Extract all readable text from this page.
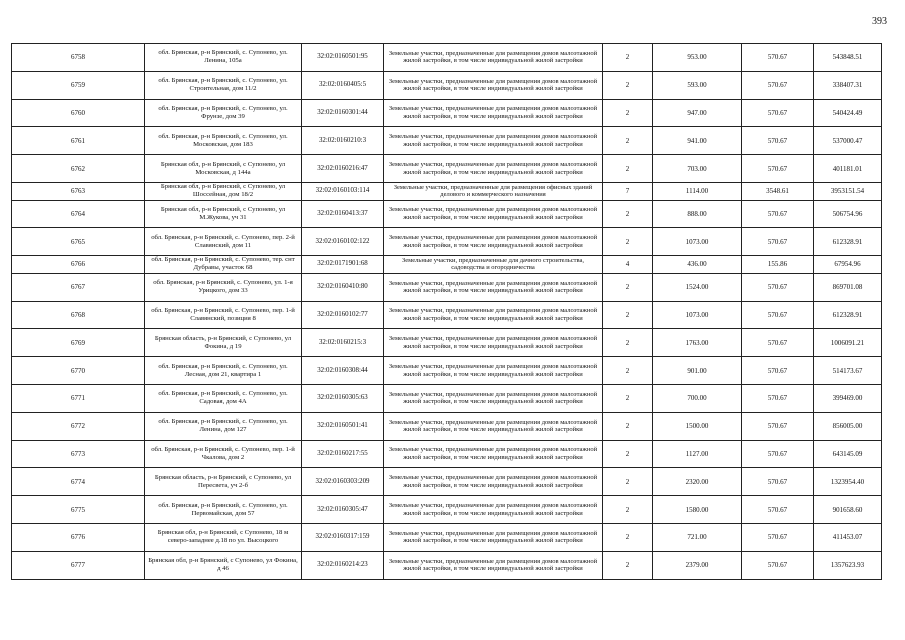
393
6758	обл. Брянская, р-н Брянский, с. Супонево, ул. Ленина, 105а	32:02:0160501:95	Земельные участки, предназначенные для размещения домов малоэтажной жилой застройки, в том числе индивидуальной жилой застройки	2	953.00	570.67	543848.51
6759	обл. Брянская, р-н Брянский, с. Супонево, ул. Строительная, дом 11/2	32:02:0160405:5	Земельные участки, предназначенные для размещения домов малоэтажной жилой застройки, в том числе индивидуальной жилой застройки	2	593.00	570.67	338407.31
6760	обл. Брянская, р-н Брянский, с. Супонево, ул. Фрунзе, дом 39	32:02:0160301:44	Земельные участки, предназначенные для размещения домов малоэтажной жилой застройки, в том числе индивидуальной жилой застройки	2	947.00	570.67	540424.49
6761	обл. Брянская, р-н Брянский, с. Супонево, ул. Московская, дом 183	32:02:0160210:3	Земельные участки, предназначенные для размещения домов малоэтажной жилой застройки, в том числе индивидуальной жилой застройки	2	941.00	570.67	537000.47
6762	Брянская обл, р-н Брянский, с Супонево, ул Московская, д 144а	32:02:0160216:47	Земельные участки, предназначенные для размещения домов малоэтажной жилой застройки, в том числе индивидуальной жилой застройки	2	703.00	570.67	401181.01
6763	Брянская обл, р-н Брянский, с Супонево, ул Шоссейная, дом 18/2	32:02:0160103:114	Земельные участки, предназначенные для размещения офисных зданий делового и коммерческого назначения	7	1114.00	3548.61	3953151.54
6764	Брянская обл, р-н Брянский, с Супонево, ул М.Жукова, уч 31	32:02:0160413:37	Земельные участки, предназначенные для размещения домов малоэтажной жилой застройки, в том числе индивидуальной жилой застройки	2	888.00	570.67	506754.96
6765	обл. Брянская, р-н Брянский, с. Супонево, пер. 2-й Славянский, дом 11	32:02:0160102:122	Земельные участки, предназначенные для размещения домов малоэтажной жилой застройки, в том числе индивидуальной жилой застройки	2	1073.00	570.67	612328.91
6766	обл. Брянская, р-н Брянский, с. Супонево, тер. снт Дубравы, участок 68	32:02:0171901:68	Земельные участки, предназначенные для дачного строительства, садоводства и огородничества	4	436.00	155.86	67954.96
6767	обл. Брянская, р-н Брянский, с. Супонево, ул. 1-я Урицкого, дом 33	32:02:0160410:80	Земельные участки, предназначенные для размещения домов малоэтажной жилой застройки, в том числе индивидуальной жилой застройки	2	1524.00	570.67	869701.08
6768	обл. Брянская, р-н Брянский, с. Супонево, пер. 1-й Славянский, позиция 8	32:02:0160102:77	Земельные участки, предназначенные для размещения домов малоэтажной жилой застройки, в том числе индивидуальной жилой застройки	2	1073.00	570.67	612328.91
6769	Брянская область, р-н Брянский, с Супонево, ул Фокина, д 19	32:02:0160215:3	Земельные участки, предназначенные для размещения домов малоэтажной жилой застройки, в том числе индивидуальной жилой застройки	2	1763.00	570.67	1006091.21
6770	обл. Брянская, р-н Брянский, с. Супонево, ул. Лесная, дом 21, квартира 1	32:02:0160308:44	Земельные участки, предназначенные для размещения домов малоэтажной жилой застройки, в том числе индивидуальной жилой застройки	2	901.00	570.67	514173.67
6771	обл. Брянская, р-н Брянский, с. Супонево, ул. Садовая, дом 4А	32:02:0160305:63	Земельные участки, предназначенные для размещения домов малоэтажной жилой застройки, в том числе индивидуальной жилой застройки	2	700.00	570.67	399469.00
6772	обл. Брянская, р-н Брянский, с. Супонево, ул. Ленина, дом 127	32:02:0160501:41	Земельные участки, предназначенные для размещения домов малоэтажной жилой застройки, в том числе индивидуальной жилой застройки	2	1500.00	570.67	856005.00
6773	обл. Брянская, р-н Брянский, с. Супонево, пер. 1-й Чкалова, дом 2	32:02:0160217:55	Земельные участки, предназначенные для размещения домов малоэтажной жилой застройки, в том числе индивидуальной жилой застройки	2	1127.00	570.67	643145.09
6774	Брянская область, р-н Брянский, с Супонево, ул Пересвета, уч 2-б	32:02:0160303:209	Земельные участки, предназначенные для размещения домов малоэтажной жилой застройки, в том числе индивидуальной жилой застройки	2	2320.00	570.67	1323954.40
6775	обл. Брянская, р-н Брянский, с. Супонево, ул. Первомайская, дом 57	32:02:0160305:47	Земельные участки, предназначенные для размещения домов малоэтажной жилой застройки, в том числе индивидуальной жилой застройки	2	1580.00	570.67	901658.60
6776	Брянская обл, р-н Брянский, с Супонево, 18 м северо-западнее д.18 по ул. Высоцкого	32:02:0160317:159	Земельные участки, предназначенные для размещения домов малоэтажной жилой застройки, в том числе индивидуальной жилой застройки	2	721.00	570.67	411453.07
6777	Брянская обл, р-н Брянский, с Супонево, ул Фокина, д 46	32:02:0160214:23	Земельные участки, предназначенные для размещения домов малоэтажной жилой застройки, в том числе индивидуальной жилой застройки	2	2379.00	570.67	1357623.93
